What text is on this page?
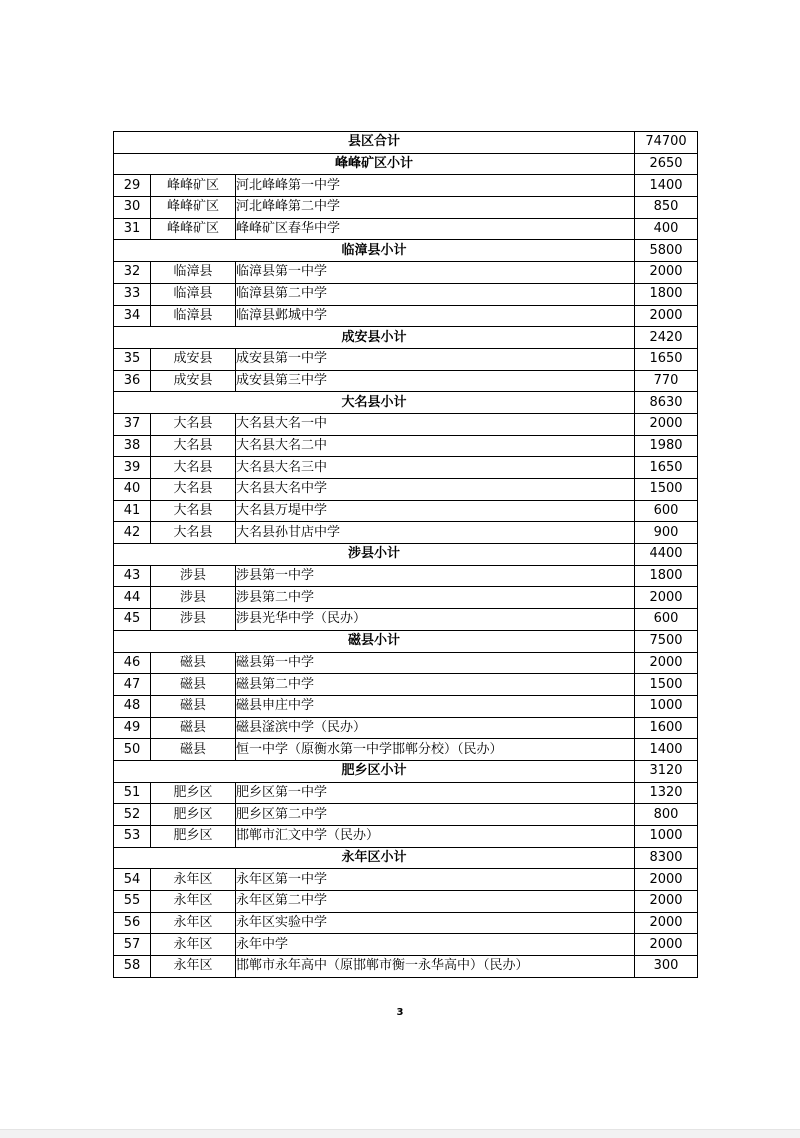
县区合计			74700
峰峰矿区小计			2650
29	峰峰矿区	河北峰峰第一中学	1400
30	峰峰矿区	河北峰峰第二中学	850
31	峰峰矿区	峰峰矿区春华中学	400
临漳县小计			5800
32	临漳县	临漳县第一中学	2000
33	临漳县	临漳县第二中学	1800
34	临漳县	临漳县邺城中学	2000
成安县小计			2420
35	成安县	成安县第一中学	1650
36	成安县	成安县第三中学	770
大名县小计			8630
37	大名县	大名县大名一中	2000
38	大名县	大名县大名二中	1980
39	大名县	大名县大名三中	1650
40	大名县	大名县大名中学	1500
41	大名县	大名县万堤中学	600
42	大名县	大名县孙甘店中学	900
涉县小计			4400
43	涉县	涉县第一中学	1800
44	涉县	涉县第二中学	2000
45	涉县	涉县光华中学（民办）	600
磁县小计			7500
46	磁县	磁县第一中学	2000
47	磁县	磁县第二中学	1500
48	磁县	磁县申庄中学	1000
49	磁县	磁县滏滨中学（民办）	1600
50	磁县	恒一中学（原衡水第一中学邯郸分校）（民办）	1400
肥乡区小计			3120
51	肥乡区	肥乡区第一中学	1320
52	肥乡区	肥乡区第二中学	800
53	肥乡区	邯郸市汇文中学（民办）	1000
永年区小计			8300
54	永年区	永年区第一中学	2000
55	永年区	永年区第二中学	2000
56	永年区	永年区实验中学	2000
57	永年区	永年中学	2000
58	永年区	邯郸市永年高中（原邯郸市衡一永华高中）（民办）	300
3
